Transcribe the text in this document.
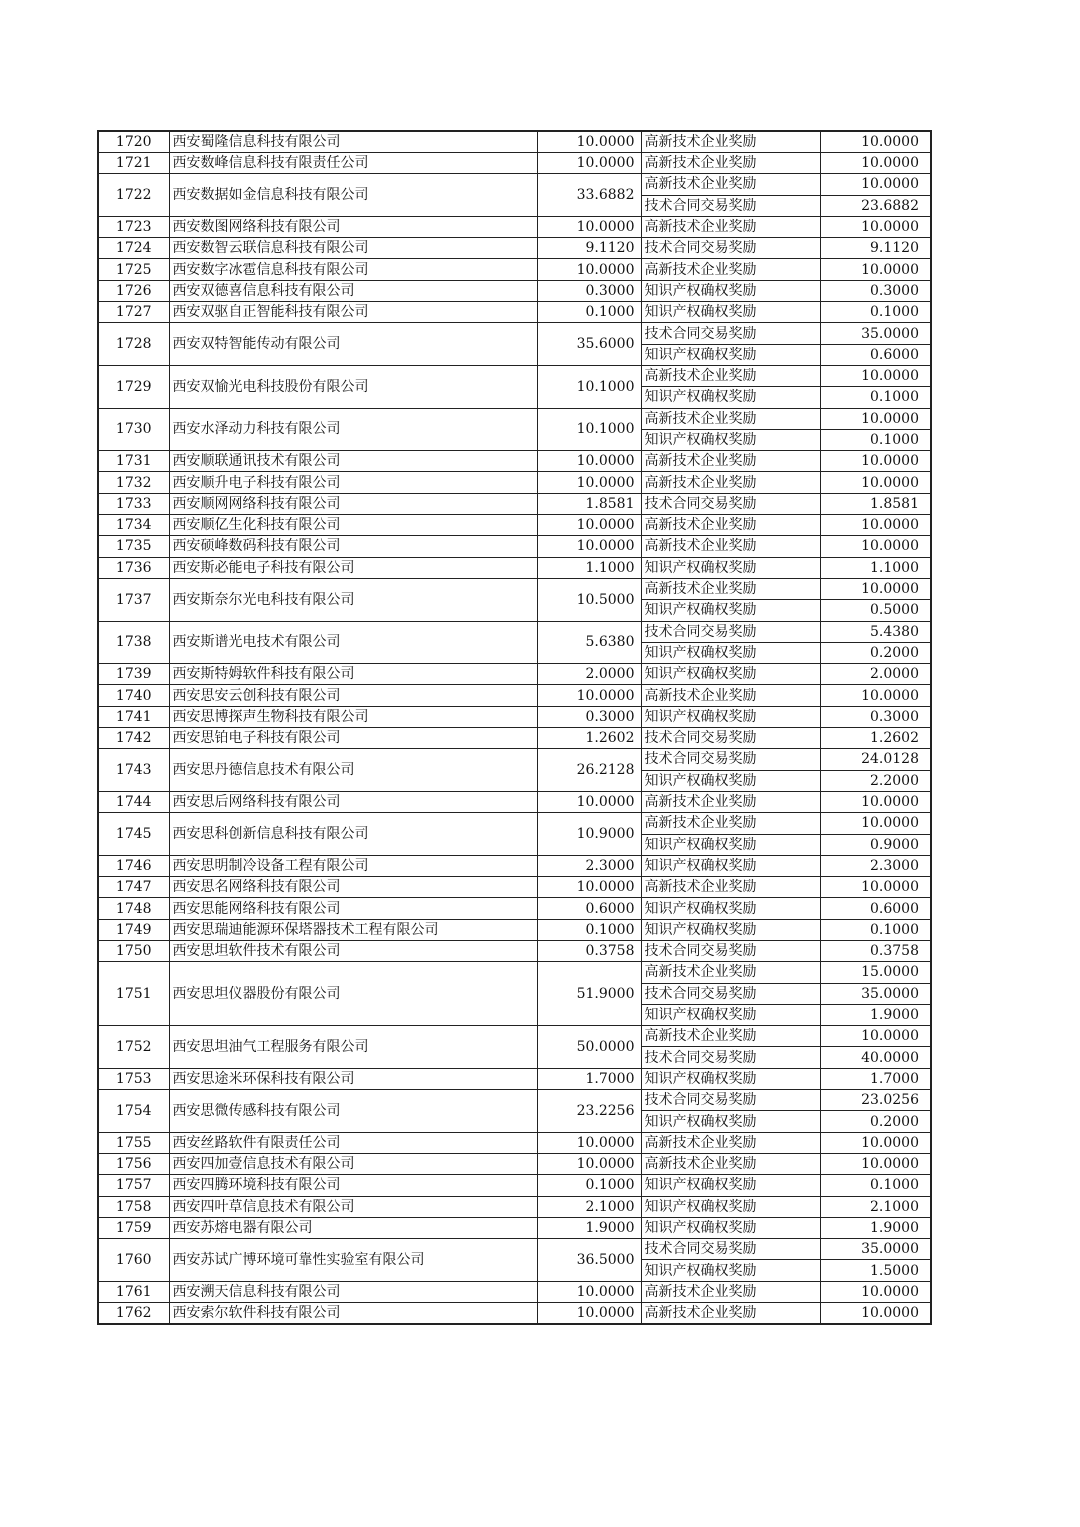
1720	西安蜀隆信息科技有限公司	10.0000	高新技术企业奖励	10.0000
1721	西安数峰信息科技有限责任公司	10.0000	高新技术企业奖励	10.0000
1722	西安数据如金信息科技有限公司	33.6882	高新技术企业奖励	10.0000
			技术合同交易奖励	23.6882
1723	西安数图网络科技有限公司	10.0000	高新技术企业奖励	10.0000
1724	西安数智云联信息科技有限公司	9.1120	技术合同交易奖励	9.1120
1725	西安数字冰雹信息科技有限公司	10.0000	高新技术企业奖励	10.0000
1726	西安双德喜信息科技有限公司	0.3000	知识产权确权奖励	0.3000
1727	西安双驱自正智能科技有限公司	0.1000	知识产权确权奖励	0.1000
1728	西安双特智能传动有限公司	35.6000	技术合同交易奖励	35.0000
			知识产权确权奖励	0.6000
1729	西安双愉光电科技股份有限公司	10.1000	高新技术企业奖励	10.0000
			知识产权确权奖励	0.1000
1730	西安水泽动力科技有限公司	10.1000	高新技术企业奖励	10.0000
			知识产权确权奖励	0.1000
1731	西安顺联通讯技术有限公司	10.0000	高新技术企业奖励	10.0000
1732	西安顺升电子科技有限公司	10.0000	高新技术企业奖励	10.0000
1733	西安顺网网络科技有限公司	1.8581	技术合同交易奖励	1.8581
1734	西安顺亿生化科技有限公司	10.0000	高新技术企业奖励	10.0000
1735	西安硕峰数码科技有限公司	10.0000	高新技术企业奖励	10.0000
1736	西安斯必能电子科技有限公司	1.1000	知识产权确权奖励	1.1000
1737	西安斯奈尔光电科技有限公司	10.5000	高新技术企业奖励	10.0000
			知识产权确权奖励	0.5000
1738	西安斯谱光电技术有限公司	5.6380	技术合同交易奖励	5.4380
			知识产权确权奖励	0.2000
1739	西安斯特姆软件科技有限公司	2.0000	知识产权确权奖励	2.0000
1740	西安思安云创科技有限公司	10.0000	高新技术企业奖励	10.0000
1741	西安思博探声生物科技有限公司	0.3000	知识产权确权奖励	0.3000
1742	西安思铂电子科技有限公司	1.2602	技术合同交易奖励	1.2602
1743	西安思丹德信息技术有限公司	26.2128	技术合同交易奖励	24.0128
			知识产权确权奖励	2.2000
1744	西安思后网络科技有限公司	10.0000	高新技术企业奖励	10.0000
1745	西安思科创新信息科技有限公司	10.9000	高新技术企业奖励	10.0000
			知识产权确权奖励	0.9000
1746	西安思明制冷设备工程有限公司	2.3000	知识产权确权奖励	2.3000
1747	西安思名网络科技有限公司	10.0000	高新技术企业奖励	10.0000
1748	西安思能网络科技有限公司	0.6000	知识产权确权奖励	0.6000
1749	西安思瑞迪能源环保塔器技术工程有限公司	0.1000	知识产权确权奖励	0.1000
1750	西安思坦软件技术有限公司	0.3758	技术合同交易奖励	0.3758
1751	西安思坦仪器股份有限公司	51.9000	高新技术企业奖励	15.0000
			技术合同交易奖励	35.0000
			知识产权确权奖励	1.9000
1752	西安思坦油气工程服务有限公司	50.0000	高新技术企业奖励	10.0000
			技术合同交易奖励	40.0000
1753	西安思途米环保科技有限公司	1.7000	知识产权确权奖励	1.7000
1754	西安思微传感科技有限公司	23.2256	技术合同交易奖励	23.0256
			知识产权确权奖励	0.2000
1755	西安丝路软件有限责任公司	10.0000	高新技术企业奖励	10.0000
1756	西安四加壹信息技术有限公司	10.0000	高新技术企业奖励	10.0000
1757	西安四腾环境科技有限公司	0.1000	知识产权确权奖励	0.1000
1758	西安四叶草信息技术有限公司	2.1000	知识产权确权奖励	2.1000
1759	西安苏熔电器有限公司	1.9000	知识产权确权奖励	1.9000
1760	西安苏试广博环境可靠性实验室有限公司	36.5000	技术合同交易奖励	35.0000
			知识产权确权奖励	1.5000
1761	西安溯天信息科技有限公司	10.0000	高新技术企业奖励	10.0000
1762	西安索尔软件科技有限公司	10.0000	高新技术企业奖励	10.0000
